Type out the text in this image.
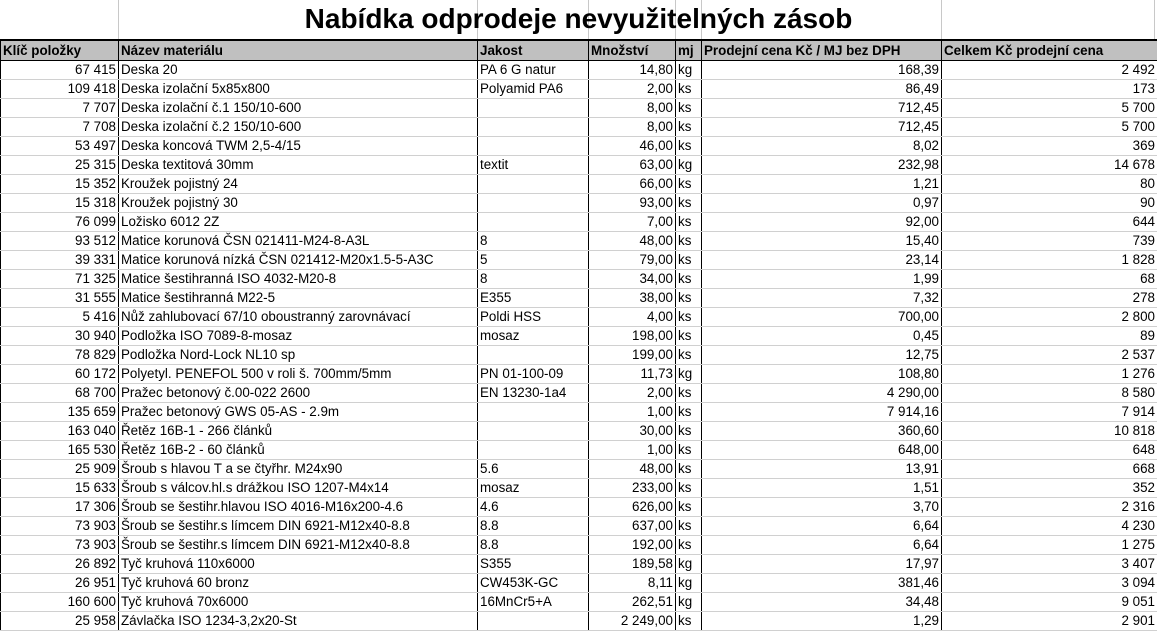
Nabídka odprodeje nevyužitelných zásob
Klíč položky	Název materiálu	Jakost	Množství	mj	Prodejní cena Kč / MJ bez DPH	Celkem Kč prodejní cena
67 415	Deska 20	PA 6 G natur	14,80	kg	168,39	2 492
109 418	Deska izolační 5x85x800	Polyamid PA6	2,00	ks	86,49	173
7 707	Deska izolační č.1 150/10-600		8,00	ks	712,45	5 700
7 708	Deska izolační č.2 150/10-600		8,00	ks	712,45	5 700
53 497	Deska koncová TWM 2,5-4/15		46,00	ks	8,02	369
25 315	Deska textitová 30mm	textit	63,00	kg	232,98	14 678
15 352	Kroužek pojistný 24		66,00	ks	1,21	80
15 318	Kroužek pojistný 30		93,00	ks	0,97	90
76 099	Ložisko 6012 2Z		7,00	ks	92,00	644
93 512	Matice korunová ČSN 021411-M24-8-A3L	8	48,00	ks	15,40	739
39 331	Matice korunová nízká ČSN 021412-M20x1.5-5-A3C	5	79,00	ks	23,14	1 828
71 325	Matice šestihranná ISO 4032-M20-8	8	34,00	ks	1,99	68
31 555	Matice šestihranná M22-5	E355	38,00	ks	7,32	278
5 416	Nůž zahlubovací 67/10 oboustranný zarovnávací	Poldi HSS	4,00	ks	700,00	2 800
30 940	Podložka ISO 7089-8-mosaz	mosaz	198,00	ks	0,45	89
78 829	Podložka Nord-Lock NL10 sp		199,00	ks	12,75	2 537
60 172	Polyetyl. PENEFOL 500 v roli š. 700mm/5mm	PN 01-100-09	11,73	kg	108,80	1 276
68 700	Pražec betonový č.00-022 2600	EN 13230-1a4	2,00	ks	4 290,00	8 580
135 659	Pražec betonový GWS 05-AS - 2.9m		1,00	ks	7 914,16	7 914
163 040	Řetěz 16B-1 - 266 článků		30,00	ks	360,60	10 818
165 530	Řetěz 16B-2 - 60 článků		1,00	ks	648,00	648
25 909	Šroub s hlavou T a se čtyřhr. M24x90	5.6	48,00	ks	13,91	668
15 633	Šroub s válcov.hl.s drážkou ISO 1207-M4x14	mosaz	233,00	ks	1,51	352
17 306	Šroub se šestihr.hlavou ISO 4016-M16x200-4.6	4.6	626,00	ks	3,70	2 316
73 903	Šroub se šestihr.s límcem DIN 6921-M12x40-8.8	8.8	637,00	ks	6,64	4 230
73 903	Šroub se šestihr.s límcem DIN 6921-M12x40-8.8	8.8	192,00	ks	6,64	1 275
26 892	Tyč kruhová 110x6000	S355	189,58	kg	17,97	3 407
26 951	Tyč kruhová 60 bronz	CW453K-GC	8,11	kg	381,46	3 094
160 600	Tyč kruhová 70x6000	16MnCr5+A	262,51	kg	34,48	9 051
25 958	Závlačka ISO 1234-3,2x20-St		2 249,00	ks	1,29	2 901
